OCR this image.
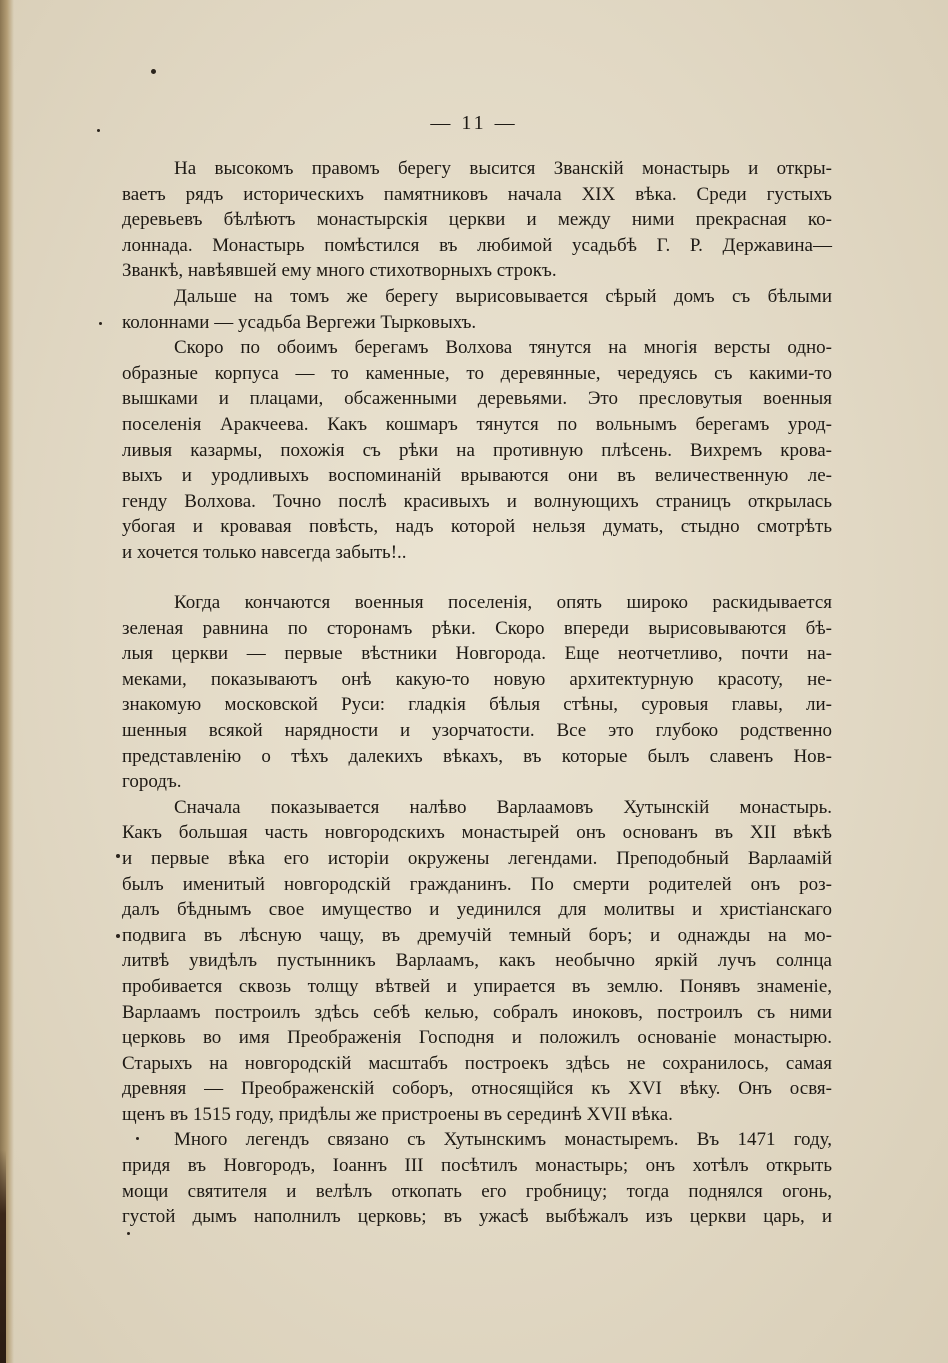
— 11 —

На высокомъ правомъ берегу высится Званскій монастырь и откры-
ваетъ рядъ историческихъ памятниковъ начала XIX вѣка. Среди густыхъ
деревьевъ бѣлѣютъ монастырскія церкви и между ними прекрасная ко-
лоннада. Монастырь помѣстился въ любимой усадьбѣ Г. Р. Державина—
Званкѣ, навѣявшей ему много стихотворныхъ строкъ.

Дальше на томъ же берегу вырисовывается сѣрый домъ съ бѣлыми
колоннами — усадьба Вергежи Тырковыхъ.

Скоро по обоимъ берегамъ Волхова тянутся на многія версты одно-
образные корпуса — то каменные, то деревянные, чередуясь съ какими-то
вышками и плацами, обсаженными деревьями. Это пресловутыя военныя
поселенія Аракчеева. Какъ кошмаръ тянутся по вольнымъ берегамъ урод-
ливыя казармы, похожія съ рѣки на противную плѣсень. Вихремъ крова-
выхъ и уродливыхъ воспоминаній врываются они въ величественную ле-
генду Волхова. Точно послѣ красивыхъ и волнующихъ страницъ открылась
убогая и кровавая повѣсть, надъ которой нельзя думать, стыдно смотрѣть
и хочется только навсегда забыть!..

Когда кончаются военныя поселенія, опять широко раскидывается
зеленая равнина по сторонамъ рѣки. Скоро впереди вырисовываются бѣ-
лыя церкви — первые вѣстники Новгорода. Еще неотчетливо, почти на-
меками, показываютъ онѣ какую-то новую архитектурную красоту, не-
знакомую московской Руси: гладкія бѣлыя стѣны, суровыя главы, ли-
шенныя всякой нарядности и узорчатости. Все это глубоко родственно
представленію о тѣхъ далекихъ вѣкахъ, въ которые былъ славенъ Нов-
городъ.

Сначала показывается налѣво Варлаамовъ Хутынскій монастырь.
Какъ большая часть новгородскихъ монастырей онъ основанъ въ XII вѣкѣ
и первые вѣка его исторіи окружены легендами. Преподобный Варлаамій
былъ именитый новгородскій гражданинъ. По смерти родителей онъ роз-
далъ бѣднымъ свое имущество и уединился для молитвы и христіанскаго
подвига въ лѣсную чащу, въ дремучій темный боръ; и однажды на мо-
литвѣ увидѣлъ пустынникъ Варлаамъ, какъ необычно яркій лучъ солнца
пробивается сквозь толщу вѣтвей и упирается въ землю. Понявъ знаменіе,
Варлаамъ построилъ здѣсь себѣ келью, собралъ иноковъ, построилъ съ ними
церковь во имя Преображенія Господня и положилъ основаніе монастырю.
Старыхъ на новгородскій масштабъ построекъ здѣсь не сохранилось, самая
древняя — Преображенскій соборъ, относящійся къ XVI вѣку. Онъ освя-
щенъ въ 1515 году, придѣлы же пристроены въ серединѣ XVII вѣка.

Много легендъ связано съ Хутынскимъ монастыремъ. Въ 1471 году,
придя въ Новгородъ, Іоаннъ III посѣтилъ монастырь; онъ хотѣлъ открыть
мощи святителя и велѣлъ откопать его гробницу; тогда поднялся огонь,
густой дымъ наполнилъ церковь; въ ужасѣ выбѣжалъ изъ церкви царь, и
